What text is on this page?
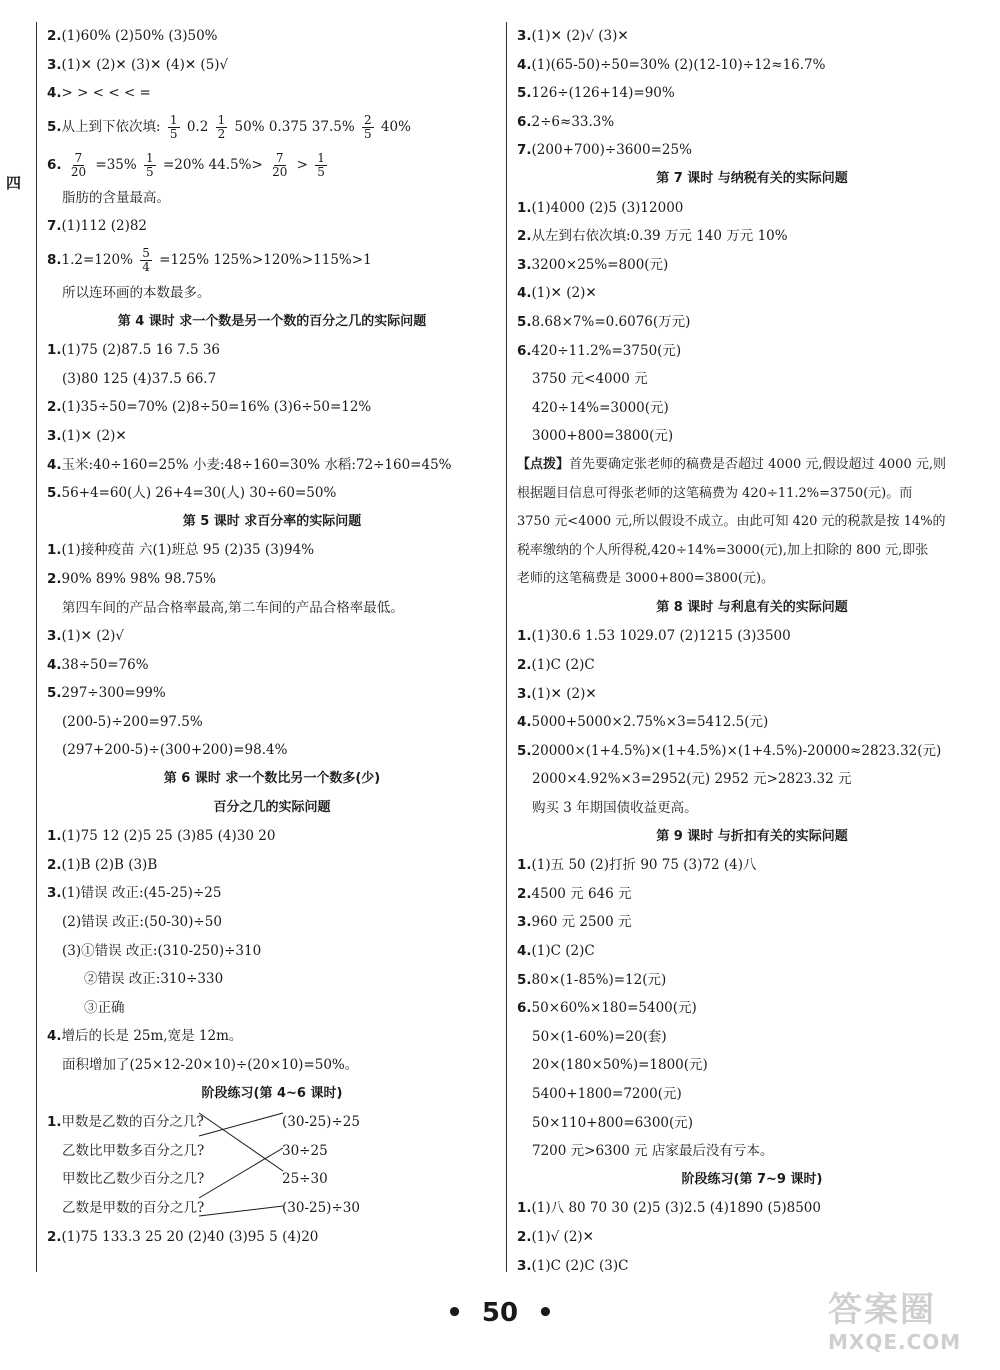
四
2.(1)60% (2)50% (3)50%
3.(1)✕ (2)✕ (3)✕ (4)✕ (5)√
4.> > < < < =
5.从上到下依次填: $\frac{1}{5} 0.2 \frac{1}{2} 50\%$ 0.375 $37.5\% \frac{2}{5} 40\%$
6. $\frac{7}{20} =35\% \frac{1}{5} =20\%$ $44.5\%> \frac{7}{20} > \frac{1}{5}$
脂肪的含量最高。
7.(1)112 (2)82
$8.1.2=120\% \frac{5}{4} =125\%$ 125%>120%>115%>1
所以连环画的本数最多。
第 4 课时 求一个数是另一个数的百分之几的实际问题
1.(1)75 (2)87.5 16 7.5 36
(3)80 125 (4)37.5 66.7
2.(1)35÷50=70% (2)8÷50=16% (3)6÷50=12%
3.(1)✕ (2)✕
4.玉米:40÷160=25% 小麦:48÷160=30% 水稻:72÷160=45%
5.56+4=60(人) 26+4=30(人) 30÷60=50%
第 5 课时 求百分率的实际问题
1.(1)接种疫苗 六(1)班总 95 (2)35 (3)94%
2.90% 89% 98% 98.75%
第四车间的产品合格率最高,第二车间的产品合格率最低。
3.(1)✕ (2)√
4.38÷50=76%
5.297÷300=99%
(200-5)÷200=97.5%
(297+200-5)÷(300+200)=98.4%
第 6 课时 求一个数比另一个数多(少)
百分之几的实际问题
1.(1)75 12 (2)5 25 (3)85 (4)30 20
2.(1)B (2)B (3)B
3.(1)错误 改正:(45-25)÷25
(2)错误 改正:(50-30)÷50
(3)①错误 改正:(310-250)÷310
②错误 改正:310÷330
③正确
4.增后的长是 25m,宽是 12m。
面积增加了(25×12-20×10)÷(20×10)=50%。
阶段练习(第 4~6 课时)
1.甲数是乙数的百分之几?	(30-25)÷25
乙数比甲数多百分之几?	30÷25
甲数比乙数少百分之几?	25÷30
乙数是甲数的百分之几?	(30-25)÷30
2.(1)75 133.3 25 20 (2)40 (3)95 5 (4)20
3.(1)✕ (2)√ (3)✕
4.(1)(65-50)÷50=30% (2)(12-10)÷12≈16.7%
5.126÷(126+14)=90%
6.2÷6≈33.3%
7.(200+700)÷3600=25%
第 7 课时 与纳税有关的实际问题
1.(1)4000 (2)5 (3)12000
2.从左到右依次填:0.39 万元 140 万元 10%
3.3200×25%=800(元)
4.(1)✕ (2)✕
5.8.68×7%=0.6076(万元)
6.420÷11.2%=3750(元)
3750 元<4000 元
420÷14%=3000(元)
3000+800=3800(元)
【点拨】首先要确定张老师的稿费是否超过 4000 元,假设超过 4000 元,则
根据题目信息可得张老师的这笔稿费为 420÷11.2%=3750(元)。而
3750 元<4000 元,所以假设不成立。由此可知 420 元的税款是按 14%的
税率缴纳的个人所得税,420÷14%=3000(元),加上扣除的 800 元,即张
老师的这笔稿费是 3000+800=3800(元)。
第 8 课时 与利息有关的实际问题
1.(1)30.6 1.53 1029.07 (2)1215 (3)3500
2.(1)C (2)C
3.(1)✕ (2)✕
4.5000+5000×2.75%×3=5412.5(元)
5.20000×(1+4.5%)×(1+4.5%)×(1+4.5%)-20000≈2823.32(元)
2000×4.92%×3=2952(元) 2952 元>2823.32 元
购买 3 年期国债收益更高。
第 9 课时 与折扣有关的实际问题
1.(1)五 50 (2)打折 90 75 (3)72 (4)八
2.4500 元 646 元
3.960 元 2500 元
4.(1)C (2)C
5.80×(1-85%)=12(元)
6.50×60%×180=5400(元)
50×(1-60%)=20(套)
20×(180×50%)=1800(元)
5400+1800=7200(元)
50×110+800=6300(元)
7200 元>6300 元 店家最后没有亏本。
阶段练习(第 7~9 课时)
1.(1)八 80 70 30 (2)5 (3)2.5 (4)1890 (5)8500
2.(1)√ (2)✕
3.(1)C (2)C (3)C
• 50 •	答案圈
MXQE.COM
